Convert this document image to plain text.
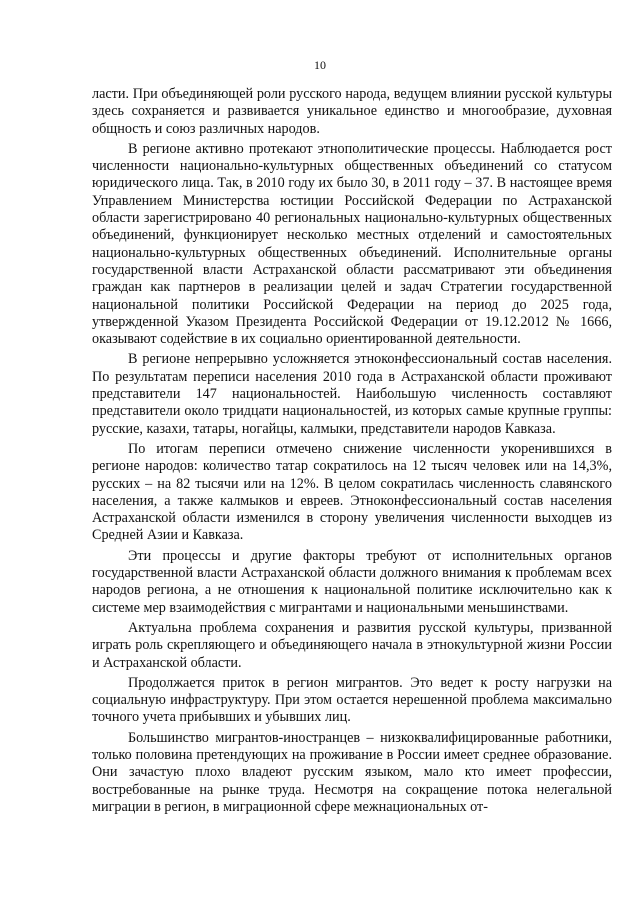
10

ласти. При объединяющей роли русского народа, ведущем влиянии русской культуры здесь сохраняется и развивается уникальное единство и многообразие, духовная общность и союз различных народов.

В регионе активно протекают этнополитические процессы. Наблюдается рост численности национально-культурных общественных объединений со статусом юридического лица. Так, в 2010 году их было 30, в 2011 году – 37. В настоящее время Управлением Министерства юстиции Российской Федерации по Астраханской области зарегистрировано 40 региональных национально-культурных общественных объединений, функционирует несколько местных отделений и самостоятельных национально-культурных общественных объединений. Исполнительные органы государственной власти Астраханской области рассматривают эти объединения граждан как партнеров в реализации целей и задач Стратегии государственной национальной политики Российской Федерации на период до 2025 года, утвержденной Указом Президента Российской Федерации от 19.12.2012 № 1666, оказывают содействие в их социально ориентированной деятельности.

В регионе непрерывно усложняется этноконфессиональный состав населения. По результатам переписи населения 2010 года в Астраханской области проживают представители 147 национальностей. Наибольшую численность составляют представители около тридцати национальностей, из которых самые крупные группы: русские, казахи, татары, ногайцы, калмыки, представители народов Кавказа.

По итогам переписи отмечено снижение численности укоренившихся в регионе народов: количество татар сократилось на 12 тысяч человек или на 14,3%, русских – на 82 тысячи или на 12%. В целом сократилась численность славянского населения, а также калмыков и евреев. Этноконфессиональный состав населения Астраханской области изменился в сторону увеличения численности выходцев из Средней Азии и Кавказа.

Эти процессы и другие факторы требуют от исполнительных органов государственной власти Астраханской области должного внимания к проблемам всех народов региона, а не отношения к национальной политике исключительно как к системе мер взаимодействия с мигрантами и национальными меньшинствами.

Актуальна проблема сохранения и развития русской культуры, призванной играть роль скрепляющего и объединяющего начала в этнокультурной жизни России и Астраханской области.

Продолжается приток в регион мигрантов. Это ведет к росту нагрузки на социальную инфраструктуру. При этом остается нерешенной проблема максимально точного учета прибывших и убывших лиц.

Большинство мигрантов-иностранцев – низкоквалифицированные работники, только половина претендующих на проживание в России имеет среднее образование. Они зачастую плохо владеют русским языком, мало кто имеет профессии, востребованные на рынке труда. Несмотря на сокращение потока нелегальной миграции в регион, в миграционной сфере межнациональных от-
